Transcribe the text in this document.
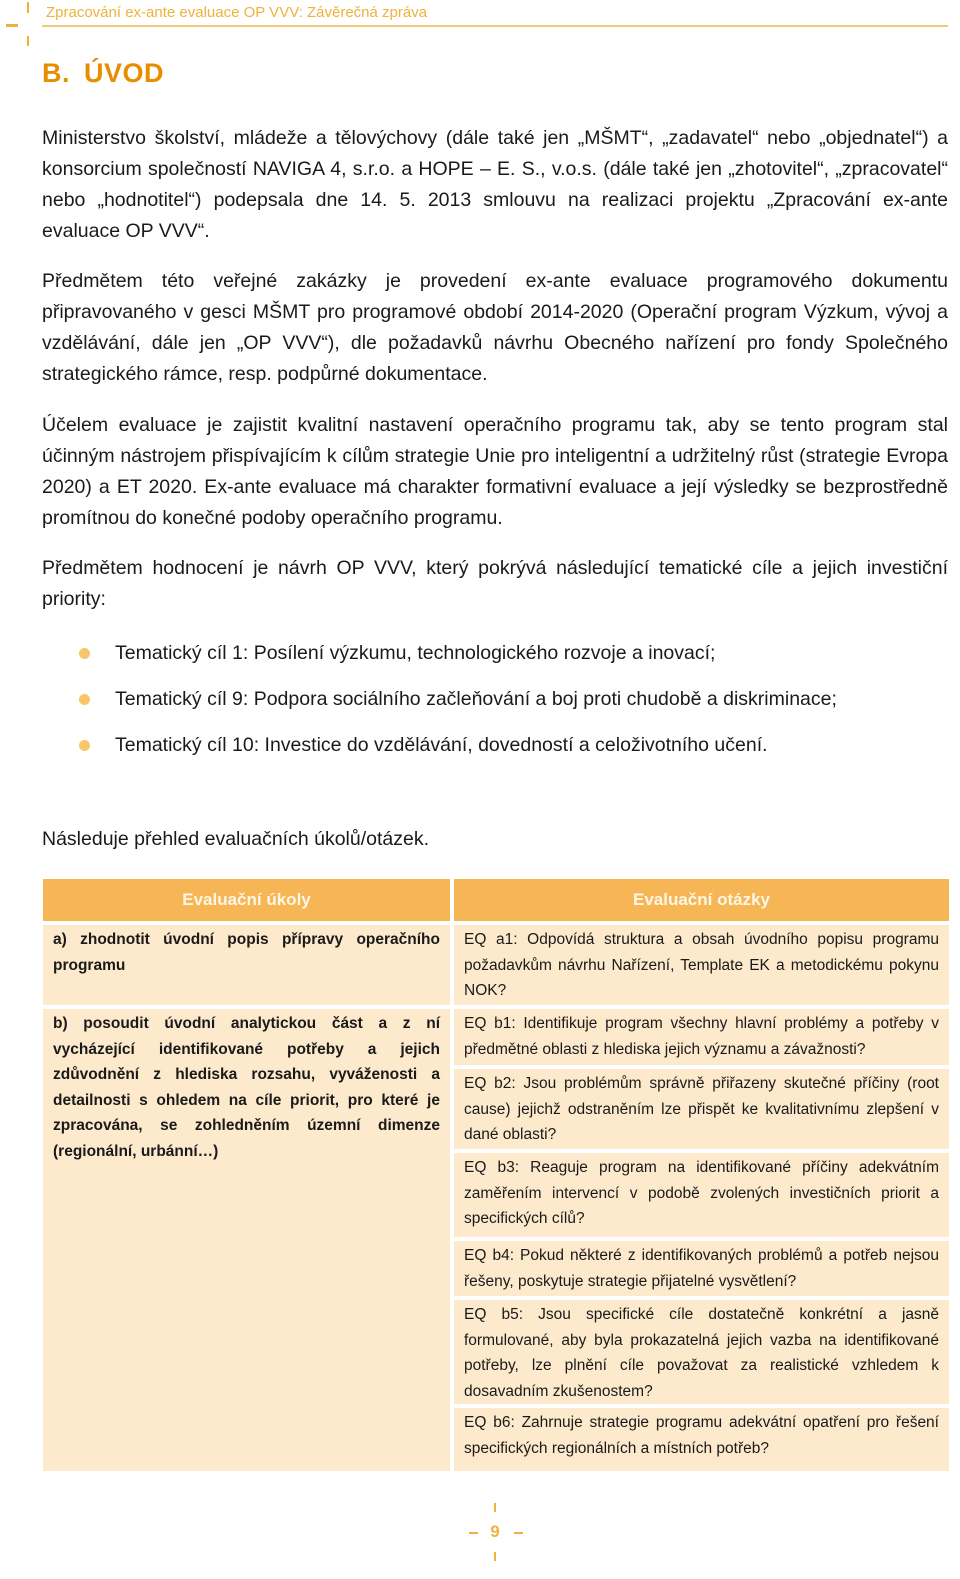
Zpracování ex-ante evaluace OP VVV: Závěrečná zpráva
B. ÚVOD
Ministerstvo školství, mládeže a tělovýchovy (dále také jen „MŠMT“, „zadavatel“ nebo „objednatel“) a konsorcium společností NAVIGA 4, s.r.o. a HOPE – E. S., v.o.s. (dále také jen „zhotovitel“, „zpracovatel“ nebo „hodnotitel“) podepsala dne 14. 5. 2013 smlouvu na realizaci projektu „Zpracování ex-ante evaluace OP VVV“.
Předmětem této veřejné zakázky je provedení ex-ante evaluace programového dokumentu připravovaného v gesci MŠMT pro programové období 2014-2020 (Operační program Výzkum, vývoj a vzdělávání, dále jen „OP VVV“), dle požadavků návrhu Obecného nařízení pro fondy Společného strategického rámce, resp. podpůrné dokumentace.
Účelem evaluace je zajistit kvalitní nastavení operačního programu tak, aby se tento program stal účinným nástrojem přispívajícím k cílům strategie Unie pro inteligentní a udržitelný růst (strategie Evropa 2020) a ET 2020. Ex-ante evaluace má charakter formativní evaluace a její výsledky se bezprostředně promítnou do konečné podoby operačního programu.
Předmětem hodnocení je návrh OP VVV, který pokrývá následující tematické cíle a jejich investiční priority:
Tematický cíl 1: Posílení výzkumu, technologického rozvoje a inovací;
Tematický cíl 9: Podpora sociálního začleňování a boj proti chudobě a diskriminace;
Tematický cíl 10: Investice do vzdělávání, dovedností a celoživotního učení.
Následuje přehled evaluačních úkolů/otázek.
Evaluační úkoly	Evaluační otázky
a) zhodnotit úvodní popis přípravy operačního programu
b) posoudit úvodní analytickou část a z ní vycházející identifikované potřeby a jejich zdůvodnění z hlediska rozsahu, vyváženosti a detailnosti s ohledem na cíle priorit, pro které je zpracována, se zohledněním územní dimenze (regionální, urbánní…)
EQ a1: Odpovídá struktura a obsah úvodního popisu programu požadavkům návrhu Nařízení, Template EK a metodickému pokynu NOK?
EQ b1: Identifikuje program všechny hlavní problémy a potřeby v předmětné oblasti z hlediska jejich významu a závažnosti?
EQ b2: Jsou problémům správně přiřazeny skutečné příčiny (root cause) jejichž odstraněním lze přispět ke kvalitativnímu zlepšení v dané oblasti?
EQ b3: Reaguje program na identifikované příčiny adekvátním zaměřením intervencí v podobě zvolených investičních priorit a specifických cílů?
EQ b4: Pokud některé z identifikovaných problémů a potřeb nejsou řešeny, poskytuje strategie přijatelné vysvětlení?
EQ b5: Jsou specifické cíle dostatečně konkrétní a jasně formulované, aby byla prokazatelná jejich vazba na identifikované potřeby, lze plnění cíle považovat za realistické vzhledem k dosavadním zkušenostem?
EQ b6: Zahrnuje strategie programu adekvátní opatření pro řešení specifických regionálních a místních potřeb?
9
